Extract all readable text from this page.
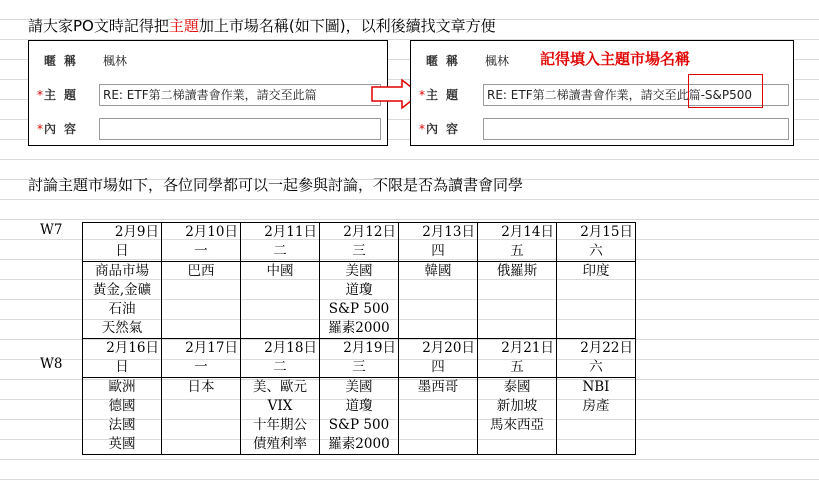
請大家PO文時記得把主題加上市場名稱(如下圖)，以利後續找文章方便
暱稱	楓林
* 主題	RE: ETF第二梯讀書會作業，請交至此篇
* 內容
暱稱	楓林
* 主題	RE: ETF第二梯讀書會作業，請交至此篇-S&P500
* 內容
記得填入主題市場名稱
討論主題市場如下，各位同學都可以一起參與討論，不限是否為讀書會同學
W7
W8
2月9日	2月10日	2月11日	2月12日	2月13日	2月14日	2月15日
日	一	二	三	四	五	六
商品市場	巴西	中國	美國	韓國	俄羅斯	印度
黃金,金礦			道瓊			
石油			S&P 500			
天然氣			羅素2000			
2月16日	2月17日	2月18日	2月19日	2月20日	2月21日	2月22日
日	一	二	三	四	五	六
歐洲	日本	美、歐元	美國	墨西哥	泰國	NBI
德國		VIX	道瓊		新加坡	房產
法國		十年期公	S&P 500		馬來西亞	
英國		債殖利率	羅素2000			
